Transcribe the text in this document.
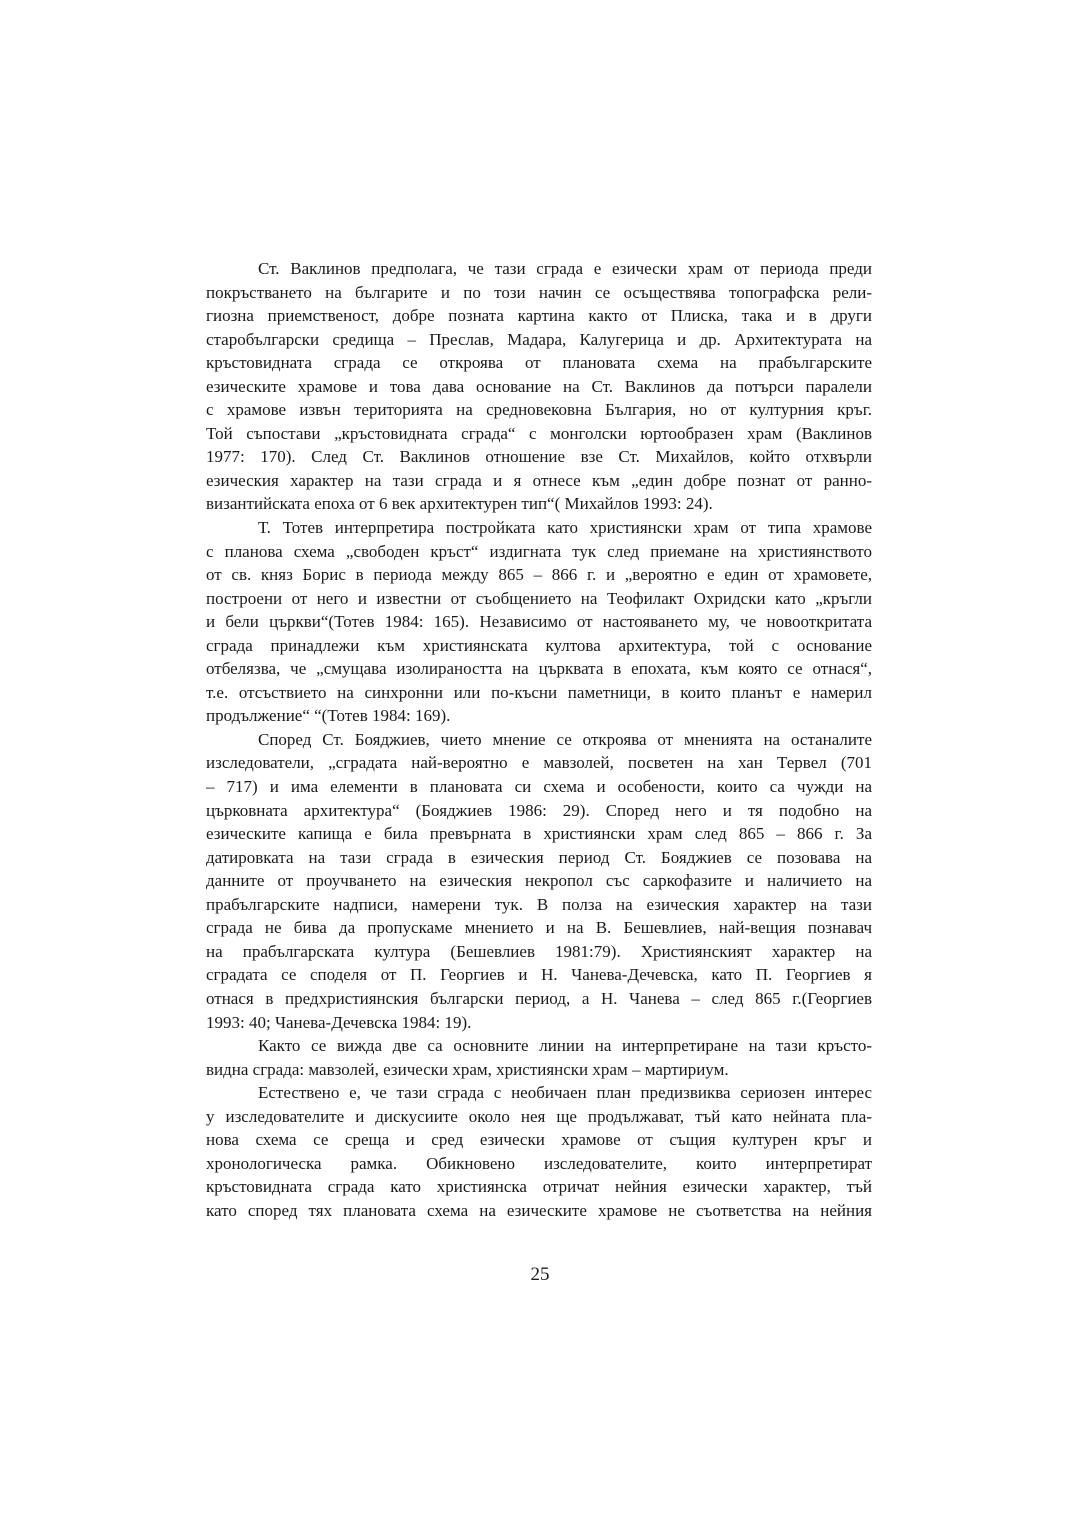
Ст. Ваклинов предполага, че тази сграда е езически храм от периода преди
покръстването на българите и по този начин се осъществява топографска рели-
гиозна приемственост, добре позната картина както от Плиска, така и в други
старобългарски средища – Преслав, Мадара, Калугерица и др. Архитектурата на
кръстовидната сграда се откроява от плановата схема на прабългарските
езическите храмове и това дава основание на Ст. Ваклинов да потърси паралели
с храмове извън територията на средновековна България, но от културния кръг.
Той съпостави „кръстовидната сграда“ с монголски юртообразен храм (Ваклинов
1977: 170). След Ст. Ваклинов отношение взе Ст. Михайлов, който отхвърли
езическия характер на тази сграда и я отнесе към „един добре познат от ранно-
византийската епоха от 6 век архитектурен тип“( Михайлов 1993: 24).
Т. Тотев интерпретира постройката като християнски храм от типа храмове
с планова схема „свободен кръст“ издигната тук след приемане на християнството
от св. княз Борис в периода между 865 – 866 г. и „вероятно е един от храмовете,
построени от него и известни от съобщението на Теофилакт Охридски като „кръгли
и бели църкви“(Тотев 1984: 165). Независимо от настояването му, че новооткритата
сграда принадлежи към християнската култова архитектура, той с основание
отбелязва, че „смущава изолираността на църквата в епохата, към която се отнася“,
т.е. отсъствието на синхронни или по-късни паметници, в които планът е намерил
продължение“ “(Тотев 1984: 169).
Според Ст. Бояджиев, чието мнение се откроява от мненията на останалите
изследователи, „сградата най-вероятно е мавзолей, посветен на хан Тервел (701
– 717) и има елементи в плановата си схема и особености, които са чужди на
църковната архитектура“ (Бояджиев 1986: 29). Според него и тя подобно на
езическите капища е била превърната в християнски храм след 865 – 866 г. За
датировката на тази сграда в езическия период Ст. Бояджиев се позовава на
данните от проучването на езическия некропол със саркофазите и наличието на
прабългарските надписи, намерени тук. В полза на езическия характер на тази
сграда не бива да пропускаме мнението и на В. Бешевлиев, най-вещия познавач
на прабългарската култура (Бешевлиев 1981:79). Християнският характер на
сградата се споделя от П. Георгиев и Н. Чанева-Дечевска, като П. Георгиев я
отнася в предхристиянския български период, а Н. Чанева – след 865 г.(Георгиев
1993: 40; Чанева-Дечевска 1984: 19).
Както се вижда две са основните линии на интерпретиране на тази кръсто-
видна сграда: мавзолей, езически храм, християнски храм – мартириум.
Естествено е, че тази сграда с необичаен план предизвиква сериозен интерес
у изследователите и дискусиите около нея ще продължават, тъй като нейната пла-
нова схема се среща и сред езически храмове от същия културен кръг и
хронологическа рамка. Обикновено изследователите, които интерпретират
кръстовидната сграда като християнска отричат нейния езически характер, тъй
като според тях плановата схема на езическите храмове не съответства на нейния
25
